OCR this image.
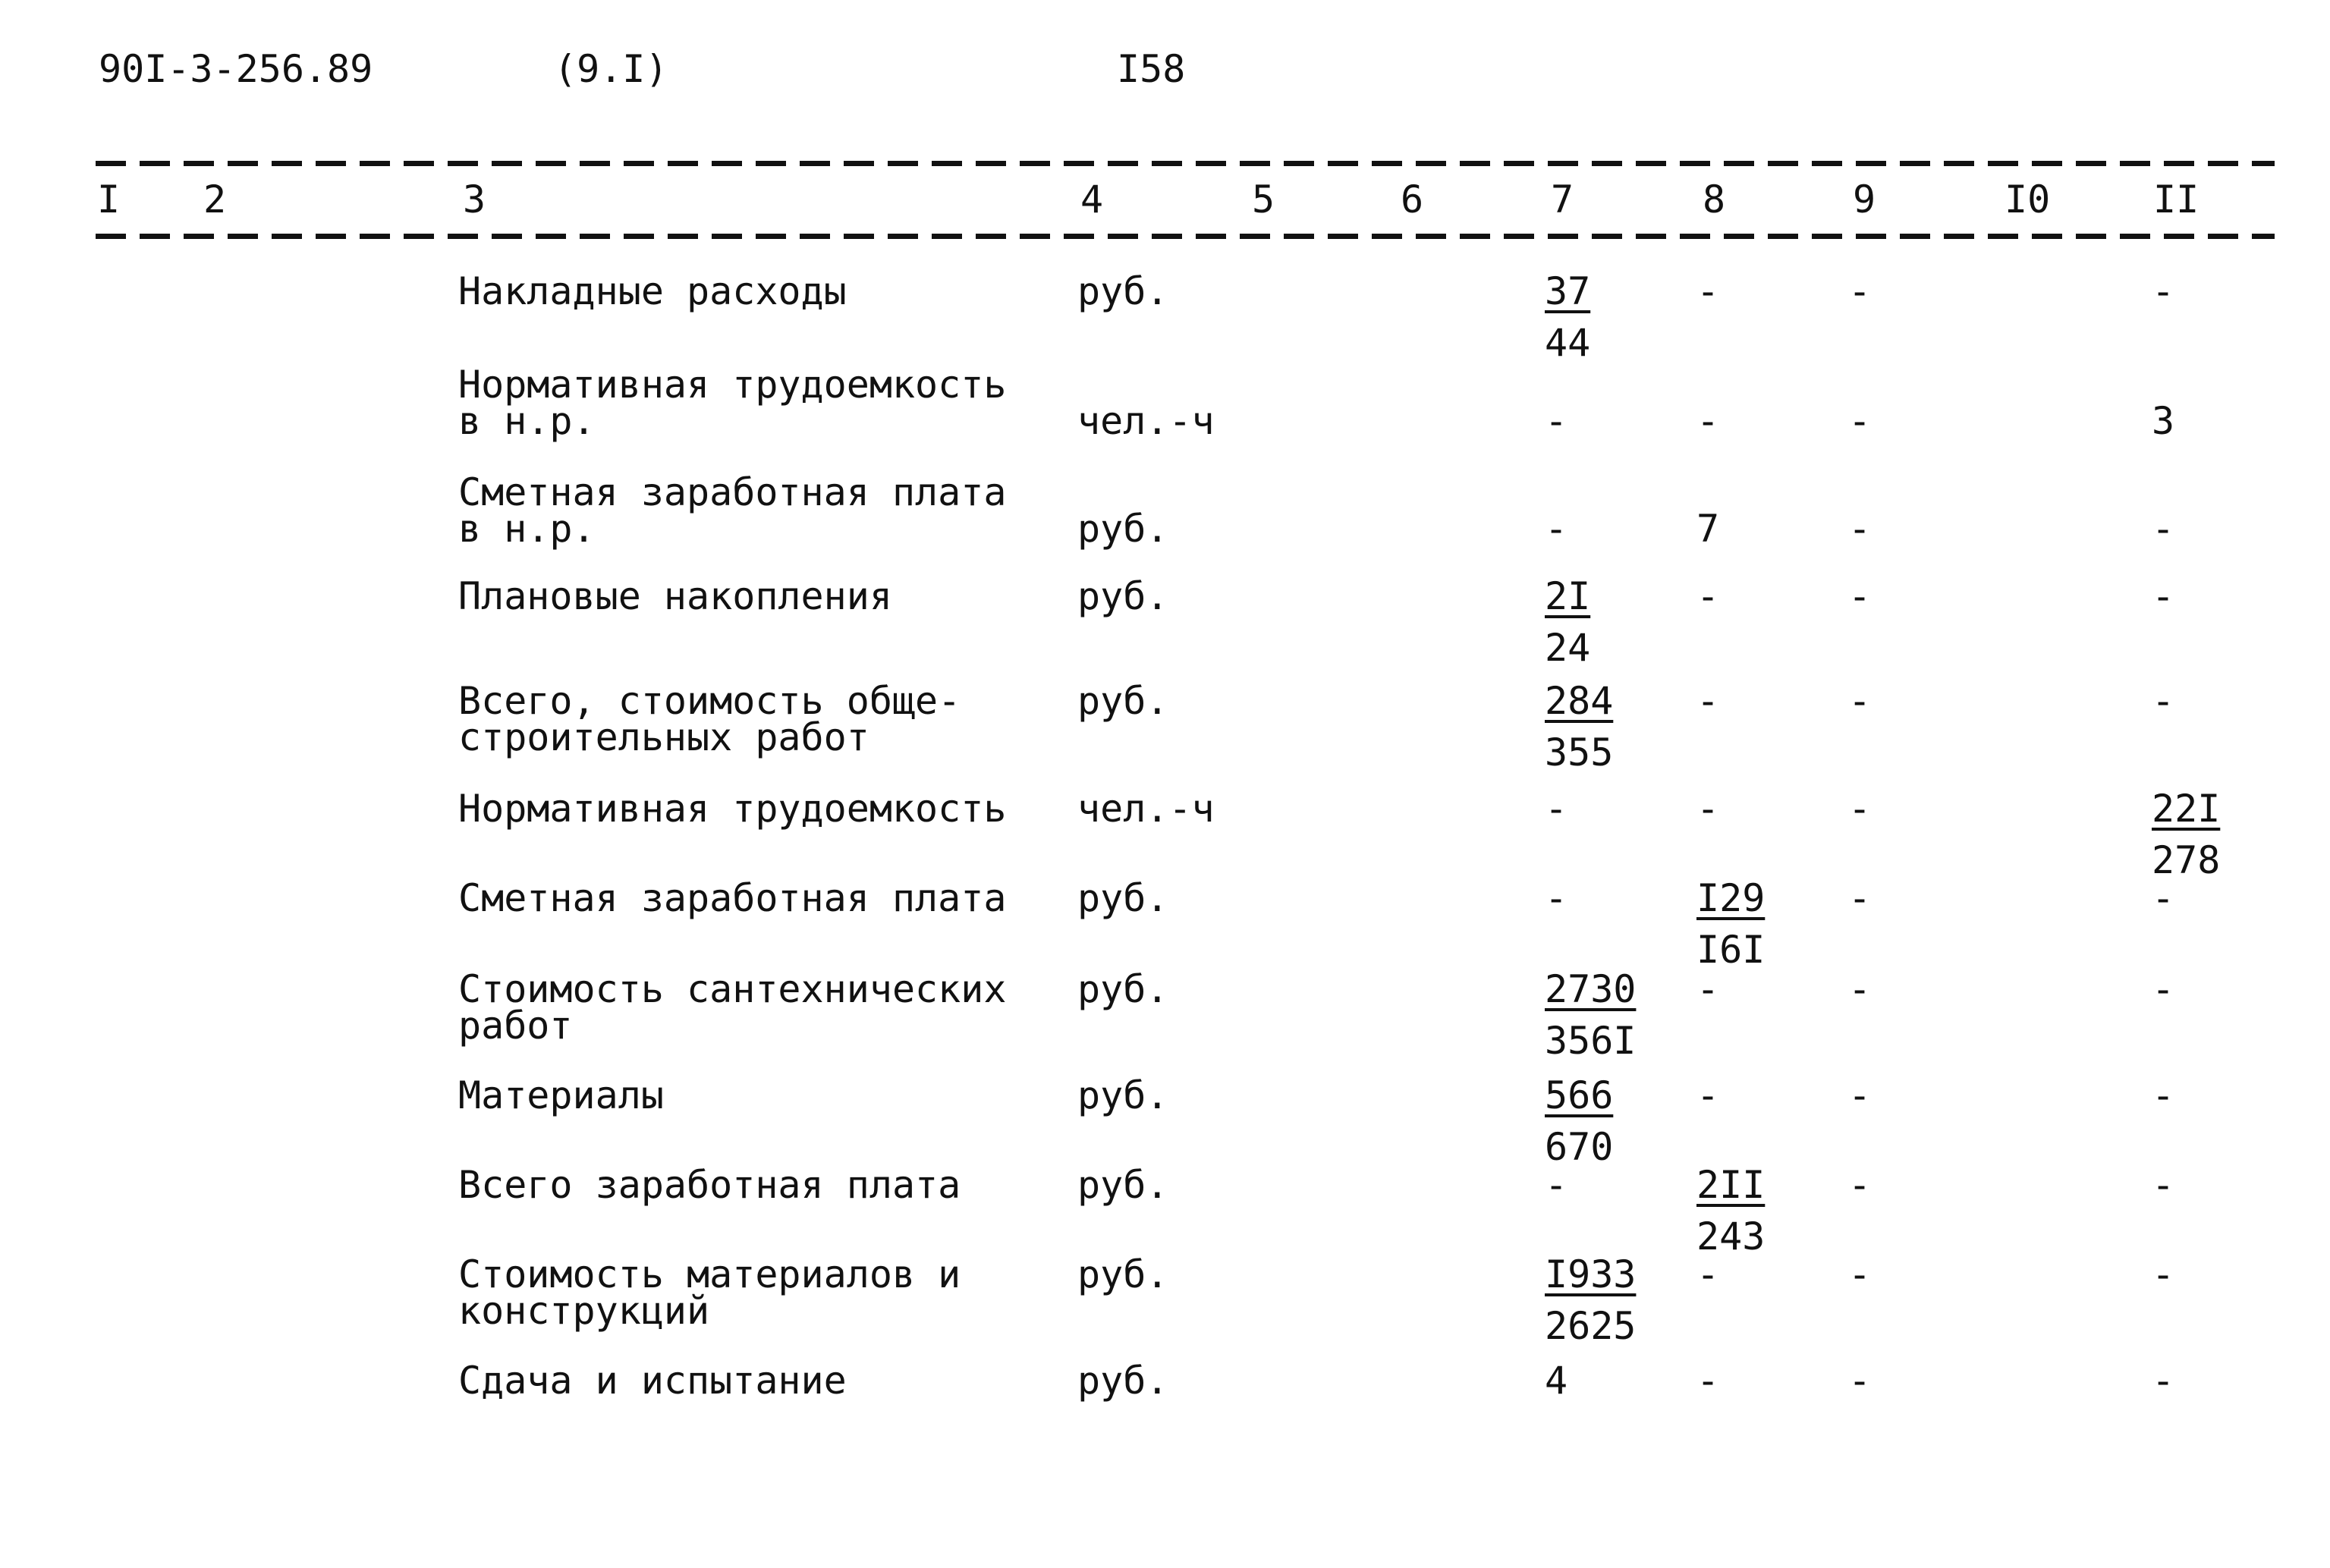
90I-3-256.89	(9.I)	I58
I 2	3	4	5	6	7	8	9	I0	II
Накладные расходы	руб.	$\frac{37}{44}$	-	-	-
Нормативная трудоемкость
в н.р.	чел.-ч	-	-	-	3
Сметная заработная плата
в н.р.	руб.	-	7	-	-
Плановые накопления	руб.	$\frac{2I}{24}$	-	-	-
Всего, стоимость обще-
строительных работ
руб.	$\frac{284}{355}$ -	-	-
Нормативная трудоемкость чел.-ч	-	-	-	$\frac{22I}{278}$
Сметная заработная плата руб.	-	$\frac{I29}{I6I}$ -	-
Стоимость сантехнических
работ
руб.	$\frac{2730}{356I}$ -	-	-
Материалы	руб.	$\frac{566}{670}$ -	-	-
Всего заработная плата	руб.	-	$\frac{2II}{243}$ -	-
Стоимость материалов и
конструкций
руб.	$\frac{I933}{2625}$ -	-	-
Сдача и испытание	руб.	4	-	-	-
